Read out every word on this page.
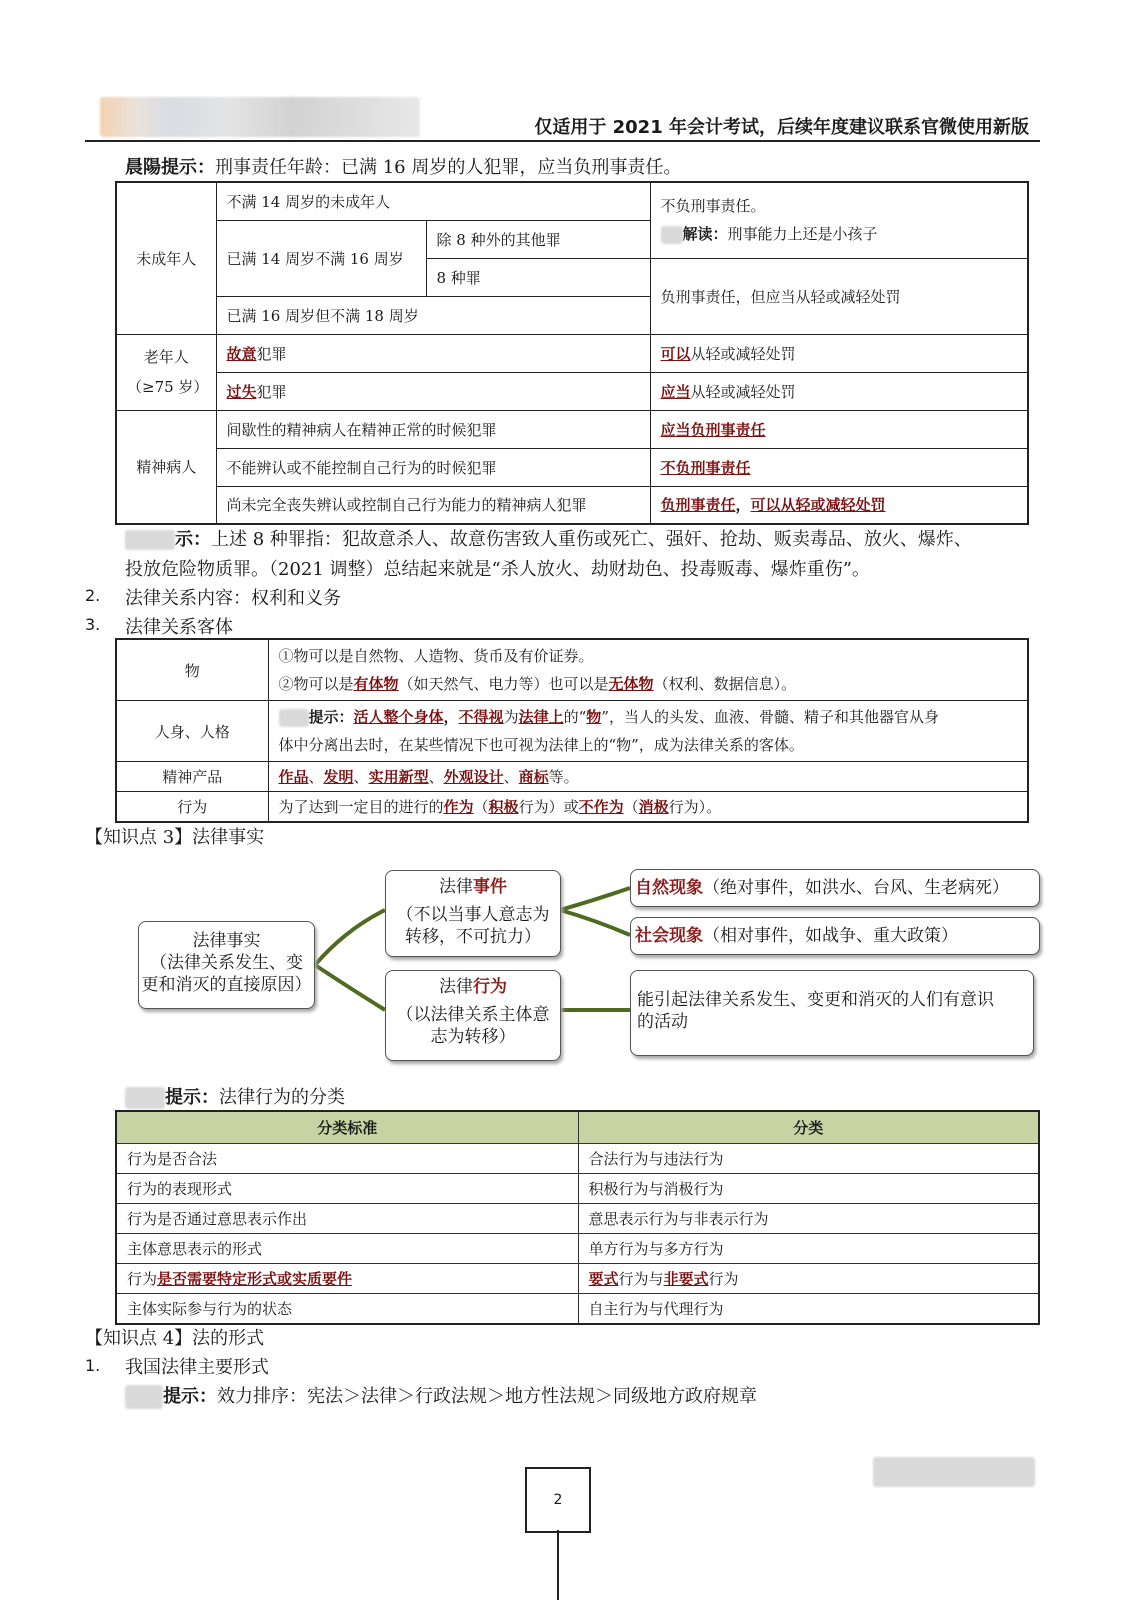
仅适用于 2021 年会计考试，后续年度建议联系官微使用新版
晨陽提示：刑事责任年龄：已满 16 周岁的人犯罪，应当负刑事责任。
未成年人	不满 14 周岁的未成年人		不负刑事责任。
解读：刑事能力上还是小孩子

	已满 14 周岁不满 16 周岁	除 8 种外的其他罪	
		8 种罪	负刑事责任，但应当从轻或减轻处罚
	已满 16 周岁但不满 18 周岁		

老年人
（≥75 岁）	故意犯罪		可以从轻或减轻处罚
	过失犯罪		应当从轻或减轻处罚
精神病人	间歇性的精神病人在精神正常的时候犯罪		应当负刑事责任
	不能辨认或不能控制自己行为的时候犯罪		不负刑事责任
	尚未完全丧失辨认或控制自己行为能力的精神病人犯罪		负刑事责任，可以从轻或减轻处罚
示：上述 8 种罪指：犯故意杀人、故意伤害致人重伤或死亡、强奸、抢劫、贩卖毒品、放火、爆炸、
投放危险物质罪。（2021 调整）总结起来就是“杀人放火、劫财劫色、投毒贩毒、爆炸重伤”。
2. 法律关系内容：权利和义务
3. 法律关系客体
物	①物可以是自然物、人造物、货币及有价证券。
②物可以是有体物（如天然气、电力等）也可以是无体物（权利、数据信息）。

人身、人格	提示：活人整个身体，不得视为法律上的“物”，当人的头发、血液、骨髓、精子和其他器官从身
体中分离出去时，在某些情况下也可视为法律上的“物”，成为法律关系的客体。

精神产品	作品、发明、实用新型、外观设计、商标等。
行为	为了达到一定目的进行的作为（积极行为）或不作为（消极行为）。
【知识点 3】法律事实
法律事实
（法律关系发生、变
更和消灭的直接原因）
法律事件
（不以当事人意志为
转移，不可抗力）
法律行为
（以法律关系主体意
志为转移）
自然现象（绝对事件，如洪水、台风、生老病死）
社会现象（相对事件，如战争、重大政策）
能引起法律关系发生、变更和消灭的人们有意识
的活动
提示：法律行为的分类
分类标准	分类
行为是否合法	合法行为与违法行为
行为的表现形式	积极行为与消极行为
行为是否通过意思表示作出	意思表示行为与非表示行为
主体意思表示的形式	单方行为与多方行为
行为是否需要特定形式或实质要件	要式行为与非要式行为
主体实际参与行为的状态	自主行为与代理行为
【知识点 4】法的形式
1. 我国法律主要形式
提示：效力排序：宪法＞法律＞行政法规＞地方性法规＞同级地方政府规章
2
